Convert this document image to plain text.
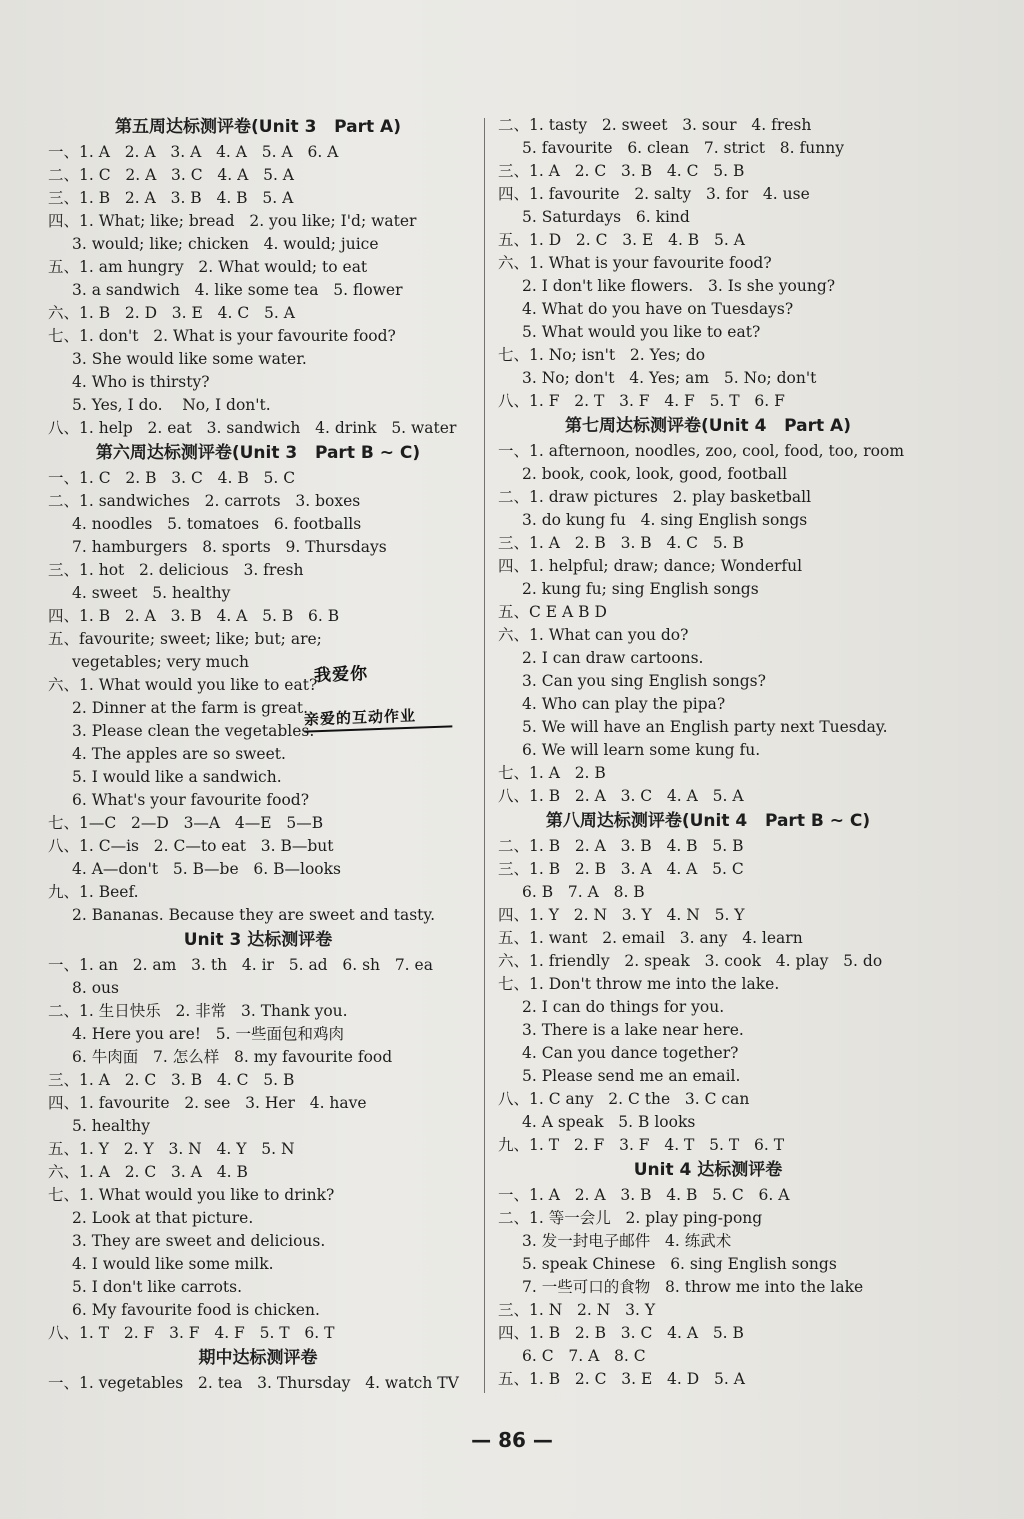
第五周达标测评卷(Unit 3   Part A)
一、1. A   2. A   3. A   4. A   5. A   6. A
二、1. C   2. A   3. C   4. A   5. A
三、1. B   2. A   3. B   4. B   5. A
四、1. What; like; bread   2. you like; I'd; water
3. would; like; chicken   4. would; juice
五、1. am hungry   2. What would; to eat
3. a sandwich   4. like some tea   5. flower
六、1. B   2. D   3. E   4. C   5. A
七、1. don't   2. What is your favourite food?
3. She would like some water.
4. Who is thirsty?
5. Yes, I do.    No, I don't.
八、1. help   2. eat   3. sandwich   4. drink   5. water
第六周达标测评卷(Unit 3   Part B ~ C)
一、1. C   2. B   3. C   4. B   5. C
二、1. sandwiches   2. carrots   3. boxes
4. noodles   5. tomatoes   6. footballs
7. hamburgers   8. sports   9. Thursdays
三、1. hot   2. delicious   3. fresh
4. sweet   5. healthy
四、1. B   2. A   3. B   4. A   5. B   6. B
五、favourite; sweet; like; but; are;
vegetables; very much
六、1. What would you like to eat?
2. Dinner at the farm is great.
3. Please clean the vegetables.
4. The apples are so sweet.
5. I would like a sandwich.
6. What's your favourite food?
七、1—C   2—D   3—A   4—E   5—B
八、1. C—is   2. C—to eat   3. B—but
4. A—don't   5. B—be   6. B—looks
九、1. Beef.
2. Bananas. Because they are sweet and tasty.
Unit 3 达标测评卷
一、1. an   2. am   3. th   4. ir   5. ad   6. sh   7. ea
8. ous
二、1. 生日快乐   2. 非常   3. Thank you.
4. Here you are!   5. 一些面包和鸡肉
6. 牛肉面   7. 怎么样   8. my favourite food
三、1. A   2. C   3. B   4. C   5. B
四、1. favourite   2. see   3. Her   4. have
5. healthy
五、1. Y   2. Y   3. N   4. Y   5. N
六、1. A   2. C   3. A   4. B
七、1. What would you like to drink?
2. Look at that picture.
3. They are sweet and delicious.
4. I would like some milk.
5. I don't like carrots.
6. My favourite food is chicken.
八、1. T   2. F   3. F   4. F   5. T   6. T
期中达标测评卷
一、1. vegetables   2. tea   3. Thursday   4. watch TV
二、1. tasty   2. sweet   3. sour   4. fresh
5. favourite   6. clean   7. strict   8. funny
三、1. A   2. C   3. B   4. C   5. B
四、1. favourite   2. salty   3. for   4. use
5. Saturdays   6. kind
五、1. D   2. C   3. E   4. B   5. A
六、1. What is your favourite food?
2. I don't like flowers.   3. Is she young?
4. What do you have on Tuesdays?
5. What would you like to eat?
七、1. No; isn't   2. Yes; do
3. No; don't   4. Yes; am   5. No; don't
八、1. F   2. T   3. F   4. F   5. T   6. F
第七周达标测评卷(Unit 4   Part A)
一、1. afternoon, noodles, zoo, cool, food, too, room
2. book, cook, look, good, football
二、1. draw pictures   2. play basketball
3. do kung fu   4. sing English songs
三、1. A   2. B   3. B   4. C   5. B
四、1. helpful; draw; dance; Wonderful
2. kung fu; sing English songs
五、C E A B D
六、1. What can you do?
2. I can draw cartoons.
3. Can you sing English songs?
4. Who can play the pipa?
5. We will have an English party next Tuesday.
6. We will learn some kung fu.
七、1. A   2. B
八、1. B   2. A   3. C   4. A   5. A
第八周达标测评卷(Unit 4   Part B ~ C)
二、1. B   2. A   3. B   4. B   5. B
三、1. B   2. B   3. A   4. A   5. C
6. B   7. A   8. B
四、1. Y   2. N   3. Y   4. N   5. Y
五、1. want   2. email   3. any   4. learn
六、1. friendly   2. speak   3. cook   4. play   5. do
七、1. Don't throw me into the lake.
2. I can do things for you.
3. There is a lake near here.
4. Can you dance together?
5. Please send me an email.
八、1. C any   2. C the   3. C can
4. A speak   5. B looks
九、1. T   2. F   3. F   4. T   5. T   6. T
Unit 4 达标测评卷
一、1. A   2. A   3. B   4. B   5. C   6. A
二、1. 等一会儿   2. play ping-pong
3. 发一封电子邮件   4. 练武术
5. speak Chinese   6. sing English songs
7. 一些可口的食物   8. throw me into the lake
三、1. N   2. N   3. Y
四、1. B   2. B   3. C   4. A   5. B
6. C   7. A   8. C
五、1. B   2. C   3. E   4. D   5. A
我爱你
亲爱的互动作业
— 86 —
